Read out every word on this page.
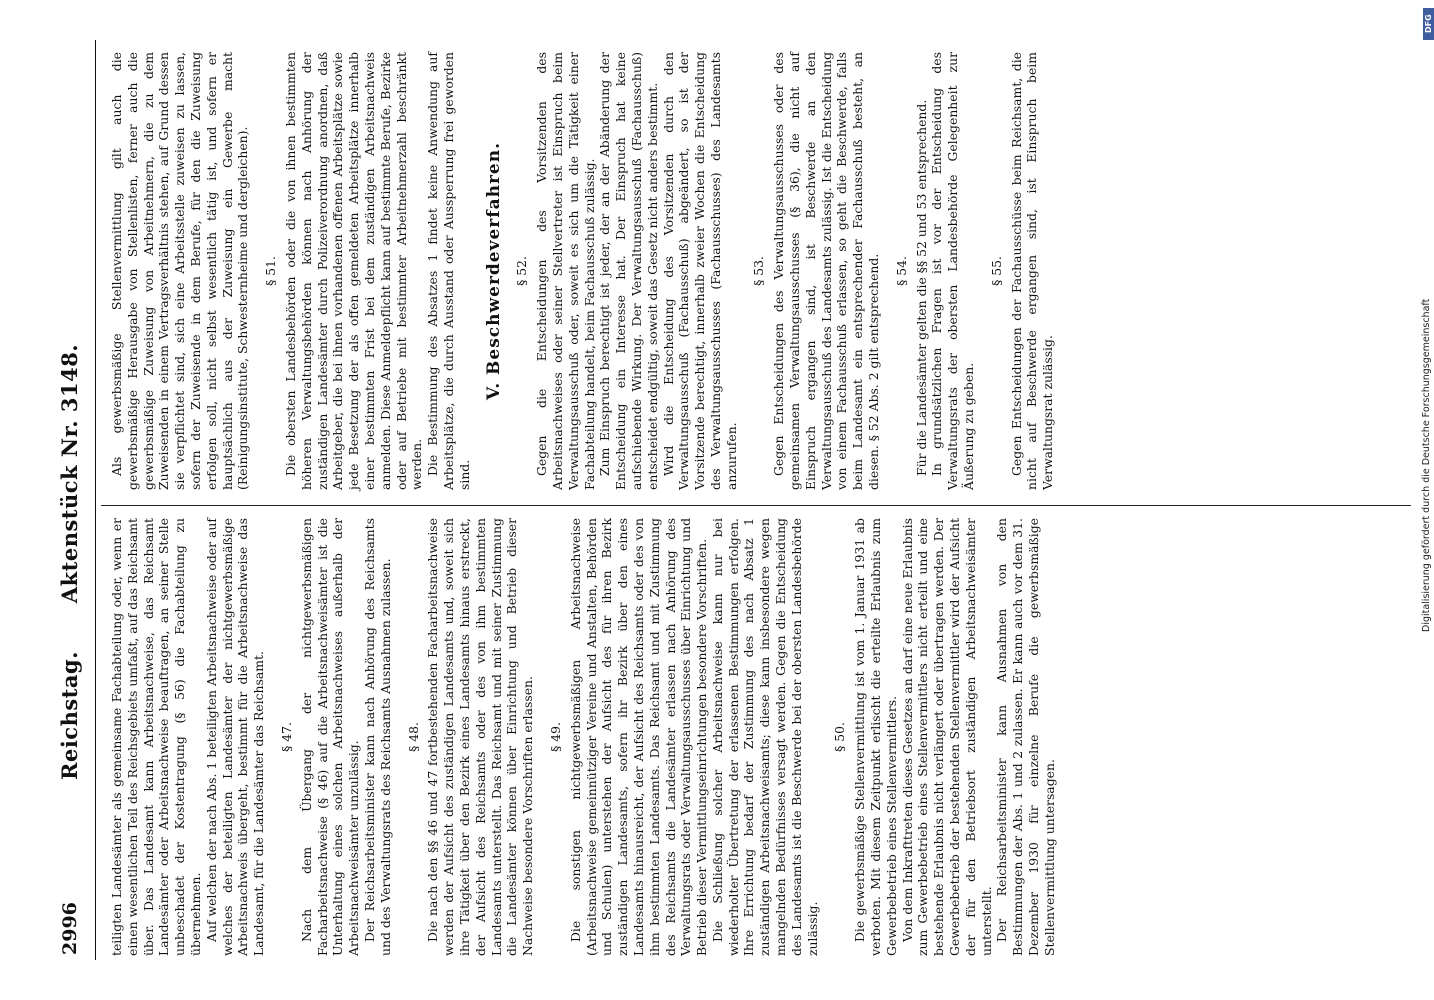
2996
Reichstag. Aktenstück Nr. 3148.

teiligten Landesämter als gemeinsame Fachabteilung oder, wenn er einen wesentlichen Teil des Reichsgebiets umfaßt, auf das Reichsamt über. Das Landesamt kann Arbeitsnachweise, das Reichsamt Landesämter oder Arbeitsnachweise beauftragen, an seiner Stelle unbeschadet der Kostentragung (§ 56) die Fachabteilung zu übernehmen. Auf welchen der nach Abs. 1 beteiligten Arbeitsnachweise oder auf welches der beteiligten Landesämter der nichtgewerbsmäßige Arbeitsnachweis übergeht, bestimmt für die Arbeitsnachweise das Landesamt, für die Landesämter das Reichsamt. § 47. Nach dem Übergang der nichtgewerbsmäßigen Facharbeitsnachweise (§ 46) auf die Arbeitsnachweisämter ist die Unterhaltung eines solchen Arbeitsnachweises außerhalb der Arbeitsnachweisämter unzulässig. Der Reichsarbeitsminister kann nach Anhörung des Reichsamts und des Verwaltungsrats des Reichsamts Ausnahmen zulassen. § 48. Die nach den §§ 46 und 47 fortbestehenden Facharbeitsnachweise werden der Aufsicht des zuständigen Landesamts und, soweit sich ihre Tätigkeit über den Bezirk eines Landesamts hinaus erstreckt, der Aufsicht des Reichsamts oder des von ihm bestimmten Landesamts unterstellt. Das Reichsamt und mit seiner Zustimmung die Landesämter können über Einrichtung und Betrieb dieser Nachweise besondere Vorschriften erlassen. § 49. Die sonstigen nichtgewerbsmäßigen Arbeitsnachweise (Arbeitsnachweise gemeinnütziger Vereine und Anstalten, Behörden und Schulen) unterstehen der Aufsicht des für ihren Bezirk zuständigen Landesamts, sofern ihr Bezirk über den eines Landesamts hinausreicht, der Aufsicht des Reichsamts oder des von ihm bestimmten Landesamts. Das Reichsamt und mit Zustimmung des Reichsamts die Landesämter erlassen nach Anhörung des Verwaltungsrats oder Verwaltungsausschusses über Einrichtung und Betrieb dieser Vermittlungseinrichtungen besondere Vorschriften. Die Schließung solcher Arbeitsnachweise kann nur bei wiederholter Übertretung der erlassenen Bestimmungen erfolgen. Ihre Errichtung bedarf der Zustimmung des nach Absatz 1 zuständigen Arbeitsnachweisamts; diese kann insbesondere wegen mangelnden Bedürfnisses versagt werden. Gegen die Entscheidung des Landesamts ist die Beschwerde bei der obersten Landesbehörde zulässig.

§ 50. Die gewerbsmäßige Stellenvermittlung ist vom 1. Januar 1931 ab verboten. Mit diesem Zeitpunkt erlischt die erteilte Erlaubnis zum Gewerbebetrieb eines Stellenvermittlers. Von dem Inkrafttreten dieses Gesetzes an darf eine neue Erlaubnis zum Gewerbebetrieb eines Stellenvermittlers nicht erteilt und eine bestehende Erlaubnis nicht verlängert oder übertragen werden. Der Gewerbebetrieb der bestehenden Stellenvermittler wird der Aufsicht der für den Betriebsort zuständigen Arbeitsnachweisämter unterstellt. Der Reichsarbeitsminister kann Ausnahmen von den Bestimmungen der Abs. 1 und 2 zulassen. Er kann auch vor dem 31. Dezember 1930 für einzelne Berufe die gewerbsmäßige Stellenvermittlung untersagen.

Als gewerbsmäßige Stellenvermittlung gilt auch die gewerbsmäßige Herausgabe von Stellenlisten, ferner auch die gewerbsmäßige Zuweisung von Arbeitnehmern, die zu dem Zuweisenden in einem Vertragsverhältnis stehen, auf Grund dessen sie verpflichtet sind, sich eine Arbeitsstelle zuweisen zu lassen, sofern der Zuweisende in dem Berufe, für den die Zuweisung erfolgen soll, nicht selbst wesentlich tätig ist, und sofern er hauptsächlich aus der Zuweisung ein Gewerbe macht (Reinigungsinstitute, Schwesternheime und dergleichen). § 51. Die obersten Landesbehörden oder die von ihnen bestimmten höheren Verwaltungsbehörden können nach Anhörung der zuständigen Landesämter durch Polizeiverordnung anordnen, daß Arbeitgeber, die bei ihnen vorhandenen offenen Arbeitsplätze sowie jede Besetzung der als offen gemeldeten Arbeitsplätze innerhalb einer bestimmten Frist bei dem zuständigen Arbeitsnachweis anmelden. Diese Anmeldepflicht kann auf bestimmte Berufe, Bezirke oder auf Betriebe mit bestimmter Arbeitnehmerzahl beschränkt werden. Die Bestimmung des Absatzes 1 findet keine Anwendung auf Arbeitsplätze, die durch Ausstand oder Aussperrung frei geworden sind.

V. Beschwerdeverfahren. § 52. Gegen die Entscheidungen des Vorsitzenden des Arbeitsnachweises oder seiner Stellvertreter ist Einspruch beim Verwaltungsausschuß oder, soweit es sich um die Tätigkeit einer Fachabteilung handelt, beim Fachausschuß zulässig. Zum Einspruch berechtigt ist jeder, der an der Abänderung der Entscheidung ein Interesse hat. Der Einspruch hat keine aufschiebende Wirkung. Der Verwaltungsausschuß (Fachausschuß) entscheidet endgültig, soweit das Gesetz nicht anders bestimmt. Wird die Entscheidung des Vorsitzenden durch den Verwaltungsausschuß (Fachausschuß) abgeändert, so ist der Vorsitzende berechtigt, innerhalb zweier Wochen die Entscheidung des Verwaltungsausschusses (Fachausschusses) des Landesamts anzurufen.

§ 53. Gegen Entscheidungen des Verwaltungsausschusses oder des gemeinsamen Verwaltungsausschusses (§ 36), die nicht auf Einspruch ergangen sind, ist Beschwerde an den Verwaltungsausschuß des Landesamts zulässig. Ist die Entscheidung von einem Fachausschuß erlassen, so geht die Beschwerde, falls beim Landesamt ein entsprechender Fachausschuß besteht, an diesen. § 52 Abs. 2 gilt entsprechend. § 54. Für die Landesämter gelten die §§ 52 und 53 entsprechend. In grundsätzlichen Fragen ist vor der Entscheidung des Verwaltungsrats der obersten Landesbehörde Gelegenheit zur Äußerung zu geben.

§ 55. Gegen Entscheidungen der Fachausschüsse beim Reichsamt, die nicht auf Beschwerde ergangen sind, ist Einspruch beim Verwaltungsrat zulässig.	Digitalisierung gefördert durch die Deutsche Forschungsgemeinschaft
DFG
